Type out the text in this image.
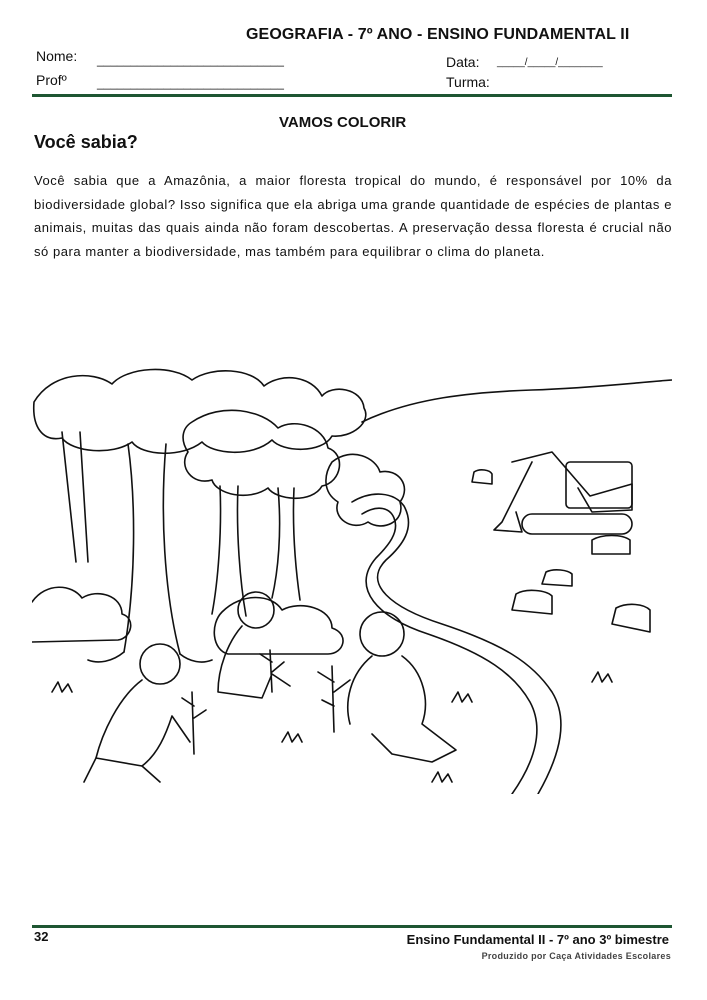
GEOGRAFIA - 7º ANO - ENSINO FUNDAMENTAL II
Nome: ____________________________
Profº	____________________________
Data: _____/_____/________
Turma:
VAMOS COLORIR
Você sabia?
Você sabia que a Amazônia, a maior floresta tropical do mundo, é responsável por 10% da biodiversidade global? Isso significa que ela abriga uma grande quantidade de espécies de plantas e animais, muitas das quais ainda não foram descobertas. A preservação dessa floresta é crucial não só para manter a biodiversidade, mas também para equilibrar o clima do planeta.
32	Ensino Fundamental II - 7º ano 3º bimestre
Produzido por Caça Atividades Escolares
